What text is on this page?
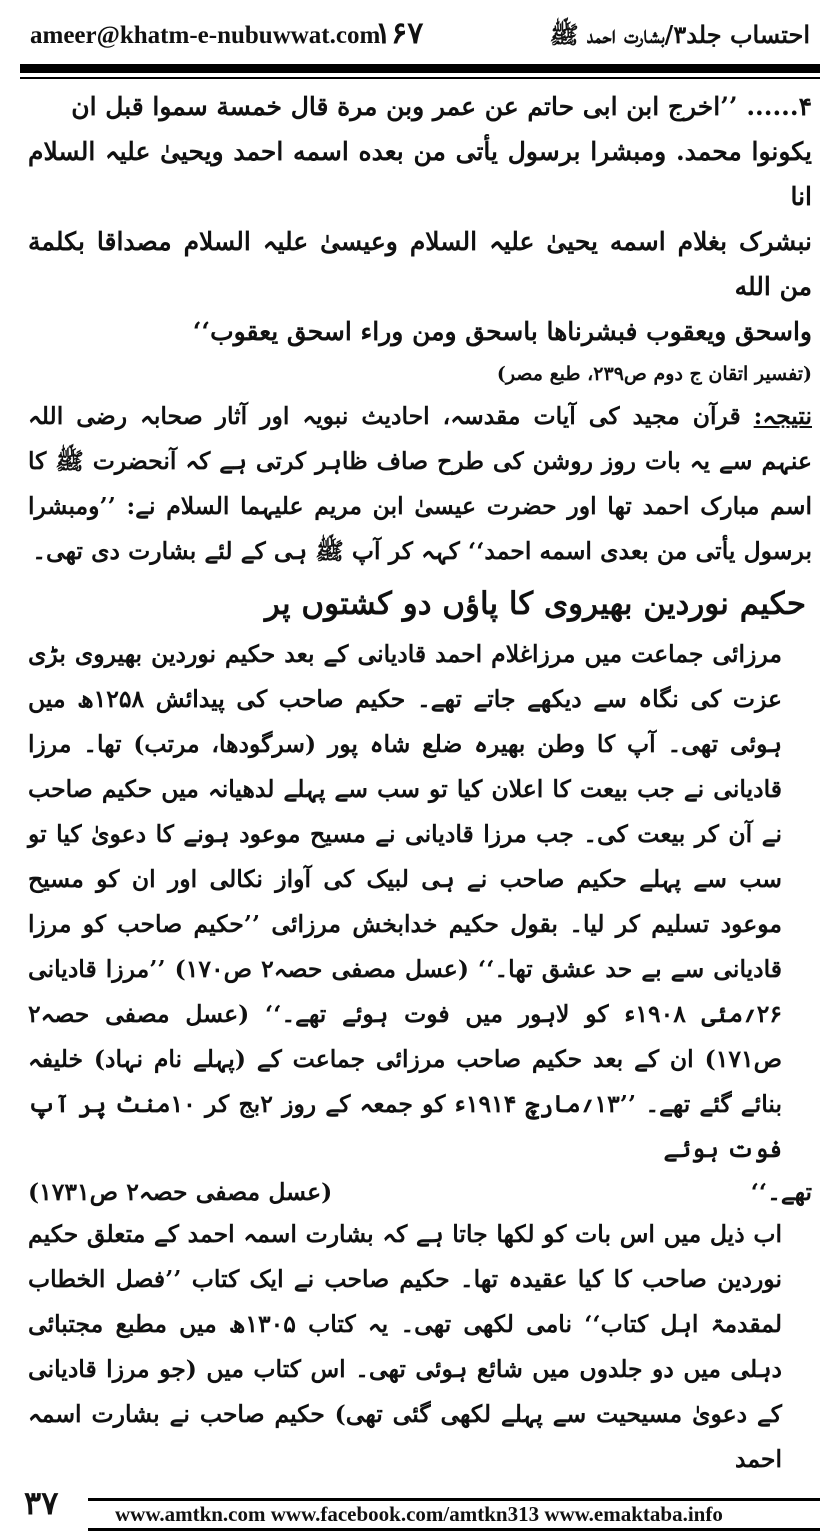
ameer@khatm-e-nubuwwat.com
۱۶۷	احتساب جلد۳/بشارت احمد ﷺ

۴...... ’’اخرج ابن ابی حاتم عن عمر وبن مرة قال خمسة سموا قبل ان

یکونوا محمد. ومبشرا برسول یأتی من بعده اسمه احمد ویحییٰ علیہ السلام انا

نبشرک بغلام اسمه یحییٰ علیہ السلام وعیسیٰ علیہ السلام مصداقا بکلمة من الله

واسحق ویعقوب فبشرناها باسحق ومن وراء اسحق یعقوب‘‘

(تفسیر اتقان ج دوم ص۲۳۹، طبع مصر)

نتیجہ: قرآن مجید کی آیات مقدسہ، احادیث نبویہ اور آثار صحابہ رضی اللہ عنہم سے یہ بات روز روشن کی طرح صاف ظاہر کرتی ہے کہ آنحضرت ﷺ کا اسم مبارک احمد تھا اور حضرت عیسیٰ ابن مریم علیہما السلام نے: ’’ومبشرا برسول یأتی من بعدی اسمه احمد‘‘ کہہ کر آپ ﷺ ہی کے لئے بشارت دی تھی۔

حکیم نوردین بھیروی کا پاؤں دو کشتوں پر

مرزائی جماعت میں مرزاغلام احمد قادیانی کے بعد حکیم نوردین بھیروی بڑی عزت کی نگاہ سے دیکھے جاتے تھے۔ حکیم صاحب کی پیدائش ۱۲۵۸ھ میں ہوئی تھی۔ آپ کا وطن بھیرہ ضلع شاہ پور (سرگودھا، مرتب) تھا۔ مرزا قادیانی نے جب بیعت کا اعلان کیا تو سب سے پہلے لدھیانہ میں حکیم صاحب نے آن کر بیعت کی۔ جب مرزا قادیانی نے مسیح موعود ہونے کا دعویٰ کیا تو سب سے پہلے حکیم صاحب نے ہی لبیک کی آواز نکالی اور ان کو مسیح موعود تسلیم کر لیا۔ بقول حکیم خدابخش مرزائی ’’حکیم صاحب کو مرزا قادیانی سے بے حد عشق تھا۔‘‘ (عسل مصفی حصہ۲ ص۱۷۰) ’’مرزا قادیانی ۲۶؍مئی ۱۹۰۸ء کو لاہور میں فوت ہوئے تھے۔‘‘ (عسل مصفی حصہ۲ ص۱۷۱) ان کے بعد حکیم صاحب مرزائی جماعت کے (پہلے نام نہاد) خلیفہ بنائے گئے تھے۔ ’’۱۳؍مارچ ۱۹۱۴ء کو جمعہ کے روز ۲بج کر ۱۰منٹ پر آپ فوت ہوئے

تھے۔‘‘
(عسل مصفی حصہ۲ ص۱۷۳۱)

اب ذیل میں اس بات کو لکھا جاتا ہے کہ بشارت اسمہ احمد کے متعلق حکیم نوردین صاحب کا کیا عقیدہ تھا۔ حکیم صاحب نے ایک کتاب ’’فصل الخطاب لمقدمۃ اہل کتاب‘‘ نامی لکھی تھی۔ یہ کتاب ۱۳۰۵ھ میں مطبع مجتبائی دہلی میں دو جلدوں میں شائع ہوئی تھی۔ اس کتاب میں (جو مرزا قادیانی کے دعویٰ مسیحیت سے پہلے لکھی گئی تھی) حکیم صاحب نے بشارت اسمہ احمد

۳۷	www.amtkn.com www.facebook.com/amtkn313 www.emaktaba.info
